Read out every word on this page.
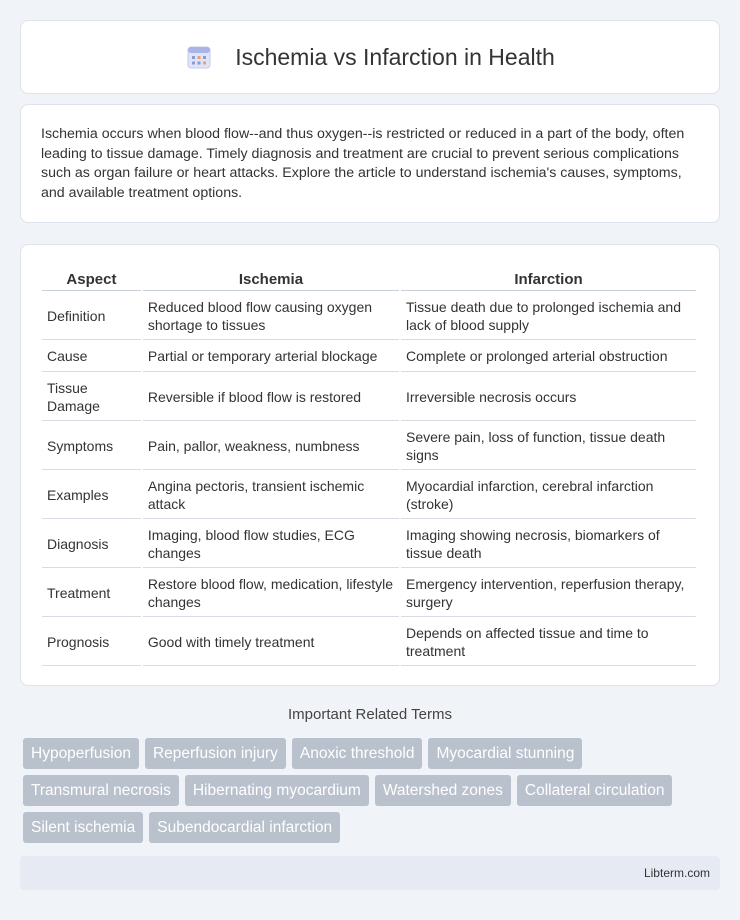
Ischemia vs Infarction in Health

Ischemia occurs when blood flow--and thus oxygen--is restricted or reduced in a part of the body, often leading to tissue damage. Timely diagnosis and treatment are crucial to prevent serious complications such as organ failure or heart attacks. Explore the article to understand ischemia's causes, symptoms, and available treatment options.

Aspect	Ischemia	Infarction
Definition	Reduced blood flow causing oxygen shortage to tissues	Tissue death due to prolonged ischemia and lack of blood supply
Cause	Partial or temporary arterial blockage	Complete or prolonged arterial obstruction
Tissue Damage	Reversible if blood flow is restored	Irreversible necrosis occurs
Symptoms	Pain, pallor, weakness, numbness	Severe pain, loss of function, tissue death signs
Examples	Angina pectoris, transient ischemic attack	Myocardial infarction, cerebral infarction (stroke)
Diagnosis	Imaging, blood flow studies, ECG changes	Imaging showing necrosis, biomarkers of tissue death
Treatment	Restore blood flow, medication, lifestyle changes	Emergency intervention, reperfusion therapy, surgery
Prognosis	Good with timely treatment	Depends on affected tissue and time to treatment
Important Related Terms
Hypoperfusion	Reperfusion injury	Anoxic threshold	Myocardial stunning
Transmural necrosis	Hibernating myocardium	Watershed zones	Collateral circulation
Silent ischemia	Subendocardial infarction
Libterm.com
